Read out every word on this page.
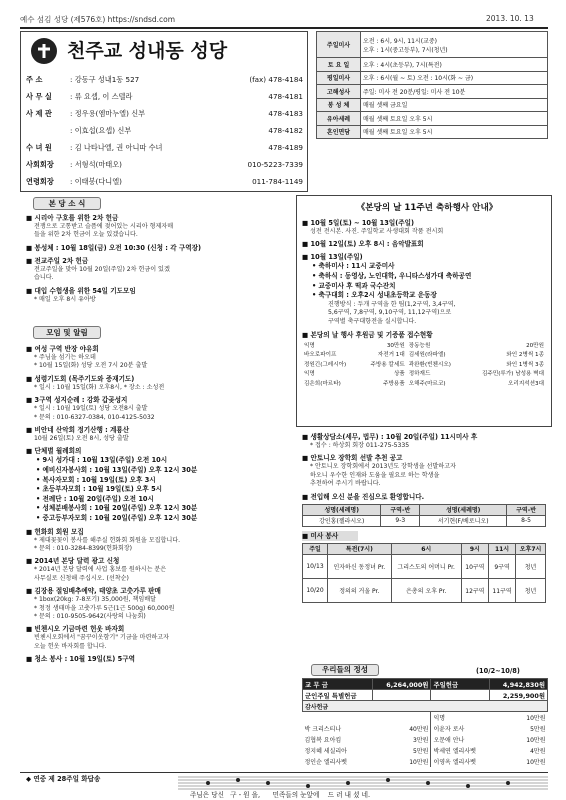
예수 섬김 성당 (제576호) https://sndsd.com	2013. 10. 13
천주교 성내동 성당
주 소	: 강동구 성내1동 527	(fax) 478-4184
사 무 실	: 류 요셉, 이 스텔라	478-4181
사 제 관	: 정우용(엠마누엘) 신부	478-4183
: 이효섭(요셉) 신부	478-4182
수 녀 원	: 김 나타나엘, 권 아니따 수녀	478-4189
사회회장	: 서형석(마태오)	010-5223-7339
연령회장	: 이태봉(다니엘)	011-784-1149
주일미사	오전 : 6시, 9시, 11시(교중)
오후 : 1시(중고등부), 7시(청년)
토 요 일	오후 : 4시(초등부), 7시(특전)
평일미사	오후 : 6시(월 ~ 토) 오전 : 10시(화 ~ 금)
고해성사	주일: 미사 전 20분/평일: 미사 전 10분
봉 성 체	매월 셋째 금요일
유아세례	매월 셋째 토요일 오후 5시
혼인면담	매월 셋째 토요일 오후 5시
본 당 소 식
■ 시리아 구호를 위한 2차 헌금
전쟁으로 고통받고 슬픔에 젖어있는 시리아 형제자매
들을 위한 2차 헌금이 오늘 있겠습니다.
■ 봉성체 : 10월 18일(금) 오전 10:30 (신청 : 각 구역장)
■ 전교주일 2차 헌금
전교주일을 맞아 10월 20일(주일) 2차 헌금이 있겠
습니다.
■ 대입 수험생을 위한 54일 기도모임
* 매일 오후 8시 유아방
모임 및 알림
■ 여성 구역 반장 야유회
* 주님을 섬기는 하오데
* 10월 15일(화) 성당 오전 7시 20분 출발
■ 성령기도회 (목주기도와 증재기도)
* 일시 : 10월 15일(화) 오후8시, * 장소 : 소성전
■ 3구역 성지순례 : 강화 갑곶성지
* 일시 : 10월 19일(토) 성당 오전8시 출발
* 문의 : 010-6327-0384, 010-4125-5032
■ 비안네 산악회 정기산행 : 계룡산
10월 26일(토) 오전 8시, 성당 출발
■ 단체별 월례회의
• 9시 성가대 : 10월 13일(주일) 오전 10시
• 예비신자봉사회 : 10월 13일(주일) 오후 12시 30분
• 복사자모회 : 10월 19일(토) 오후 3시
• 초등부자모회 : 10월 19일(토) 오후 5시
• 전례단 : 10월 20일(주일) 오전 10시
• 성체분배봉사회 : 10월 20일(주일) 오후 12시 30분
• 중고등부자모회 : 10월 20일(주일) 오후 12시 30분
■ 헌화회 회원 모집
* 제대꽃꽂이 봉사를 해주실 헌화회 회원을 모집합니다.
* 문의 : 010-3284-8399(헌화회장)
■ 2014년 본당 달력 광고 신청
* 2014년 본당 달력에 사업 홍보를 원하시는 분은
사무실로 신청해 주십시오. (선착순)
■ 김장용 절임배추예약, 태양초 고춧가루 판매
* 1box(20kg: 7-8포기) 35,000원, 책임배달
* 청정 생태마을 고춧가루 5근(1근 500g) 60,000원
* 문의 : 010-9505-9642(사랑의 나눔회)
■ 빈첸시오 기금마련 헌옷 바자회
빈첸시오회에서 "꿈꾸이옷함기" 기금을 마련하고자
오늘 헌옷 바자회를 합니다.
■ 청소 봉사 : 10월 19일(토) 5구역
《본당의 날 11주년 축하행사 안내》
■ 10월 5일(토) ~ 10월 13일(주일)
성전 전시본. 사진. 주일학교 사생대회 작품 전시회
■ 10월 12일(토) 오후 8시 : 음악발표회
■ 10월 13일(주일)
• 축하미사 : 11시 교중미사
• 축하식 : 동영상, 노인대학, 우니타스성가대 축하공연
• 교중미사 후 떡과 국수잔치
• 축구대회 : 오후2시 성내초등학교 운동장
진행방식 : 두개 구역을 한 팀(1,2구역, 3,4구역,
5,6구역, 7,8구역, 9,10구역, 11,12구역)으로
구역별 축구대항전을 실시합니다.
■ 본당의 날 행사 후원금 및 기증품 접수현황
익명	30만원	장동능원	20만원
바오로파이프	자전거 1대	김세원(라파엘)	와인 2병씩 1종
정원긴(그레시아)	주방용 칼세트	곽완환(빈첸시오)	와인 1병씩 3종
익명	상품	정하재드	김주민(루가) 남성용 벽대
김은희(마르타)	주방용품	오해주(마르코)	오리지석션3대
■ 생활상담소(세무, 법무) : 10월 20일(주일) 11시미사 후
* 접수 : 하상회 회장 011-275-5335
■ 안토니오 장학회 선발 추천 공고
* 안토니오 장학회에서 2013년도 장학생을 선발하고자
하오니 우수한 인재와 도움을 필요로 하는 학생을
추천하여 주시기 바랍니다.
■ 전입해 오신 분을 진심으로 환영합니다.
성명(세례명)	구역-반	성명(세례명)	구역-반
강인홍(젤라시오)	9-3	서기현(F/베로니오)	8-5
■ 미사 봉사
주일	특전(7시)	6시	9시	11시	오후7시
10/13	인자하신 동정녀 Pr.	그리스도의 어머니 Pr.	10구역	9구역	청년
10/20	정의의 거울 Pr.	은총의 오후 Pr.	12구역	11구역	청년
우리들의 정성	(10/2~10/8)
교 무 금	6,264,000원	주일헌금	4,942,830원
군인주일 특별헌금			2,259,900원
감사헌금			
		익명	10만원
박 크리스티나	40만원	이윤자 로사	5만원
김협복 요아킴	3만원	오문애 안나	10만원
정지혜 세실리아	5만원	박세연 엘리사벳	4만원
정인순 엘리사벳	10만원	이영옥 엘리사벳	10만원
◆ 연중 제 28주일 화답송
주님은 당신   구 - 원 을,      민족들의 눈앞에    드 러 내 셨 네.
